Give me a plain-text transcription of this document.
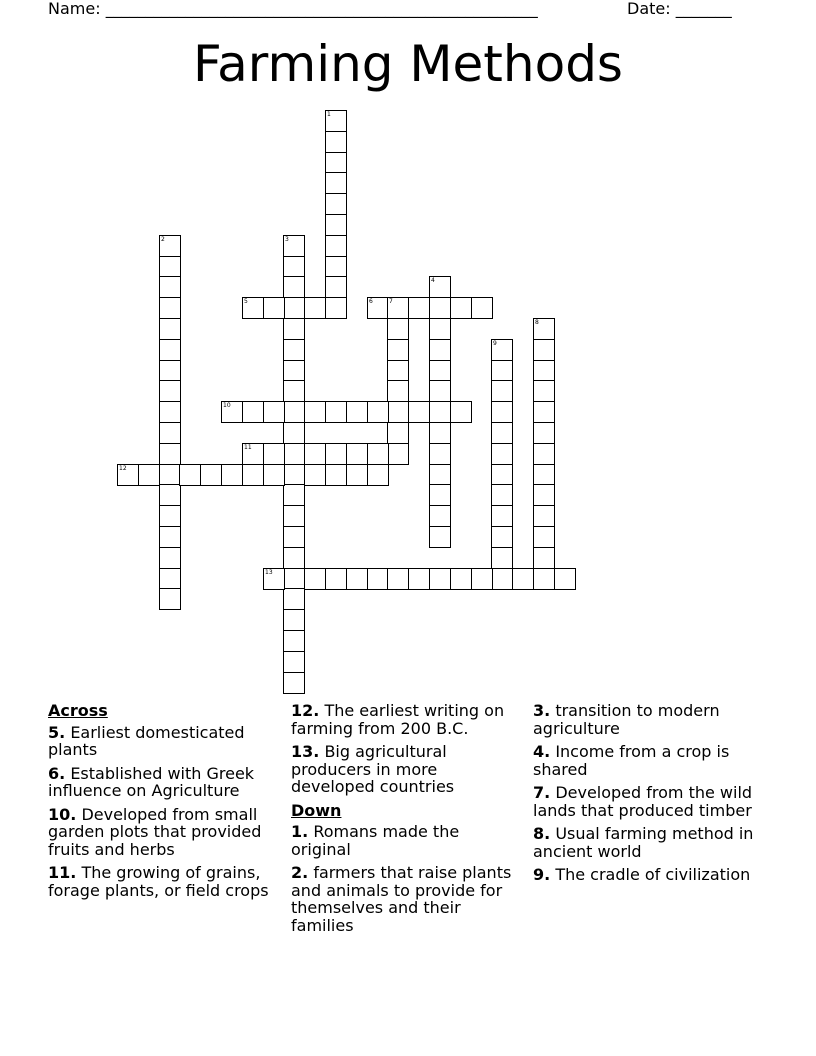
Name: ______________________________________________________	Date: _______
Farming Methods
1
2	3
4
5	6	7
8
9
10
11
12
13
Across
5. Earliest domesticated plants
6. Established with Greek influence on Agriculture
10. Developed from small garden plots that provided fruits and herbs
11. The growing of grains, forage plants, or field crops
12. The earliest writing on farming from 200 B.C.
13. Big agricultural producers in more developed countries
Down
1. Romans made the original
2. farmers that raise plants and animals to provide for themselves and their families
3. transition to modern agriculture
4. Income from a crop is shared
7. Developed from the wild lands that produced timber
8. Usual farming method in ancient world
9. The cradle of civilization
